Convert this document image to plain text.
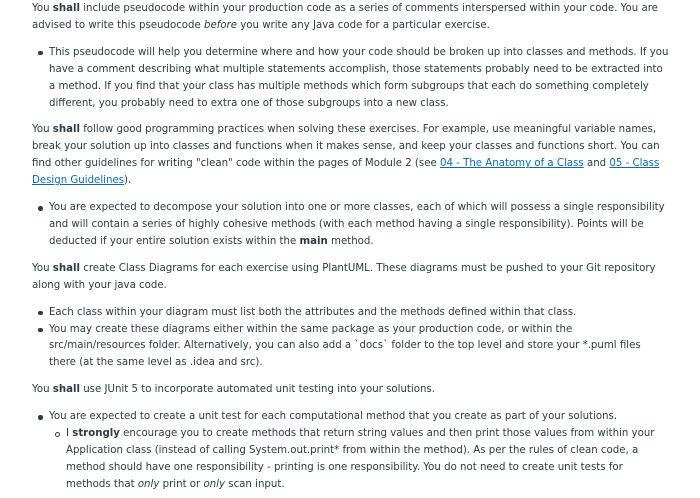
You shall include pseudocode within your production code as a series of comments interspersed within your code. You are advised to write this pseudocode before you write any Java code for a particular exercise.

This pseudocode will help you determine where and how your code should be broken up into classes and methods. If you have a comment describing what multiple statements accomplish, those statements probably need to be extracted into a method. If you find that your class has multiple methods which form subgroups that each do something completely different, you probably need to extra one of those subgroups into a new class.

You shall follow good programming practices when solving these exercises. For example, use meaningful variable names, break your solution up into classes and functions when it makes sense, and keep your classes and functions short. You can find other guidelines for writing "clean" code within the pages of Module 2 (see 04 - The Anatomy of a Class and 05 - Class Design Guidelines).

You are expected to decompose your solution into one or more classes, each of which will possess a single responsibility and will contain a series of highly cohesive methods (with each method having a single responsibility). Points will be deducted if your entire solution exists within the main method.

You shall create Class Diagrams for each exercise using PlantUML. These diagrams must be pushed to your Git repository along with your java code.

Each class within your diagram must list both the attributes and the methods defined within that class.
You may create these diagrams either within the same package as your production code, or within the src/main/resources folder. Alternatively, you can also add a `docs` folder to the top level and store your *.puml files there (at the same level as .idea and src).

You shall use JUnit 5 to incorporate automated unit testing into your solutions.

You are expected to create a unit test for each computational method that you create as part of your solutions.
I strongly encourage you to create methods that return string values and then print those values from within your Application class (instead of calling System.out.print* from within the method). As per the rules of clean code, a method should have one responsibility - printing is one responsibility. You do not need to create unit tests for methods that only print or only scan input.
